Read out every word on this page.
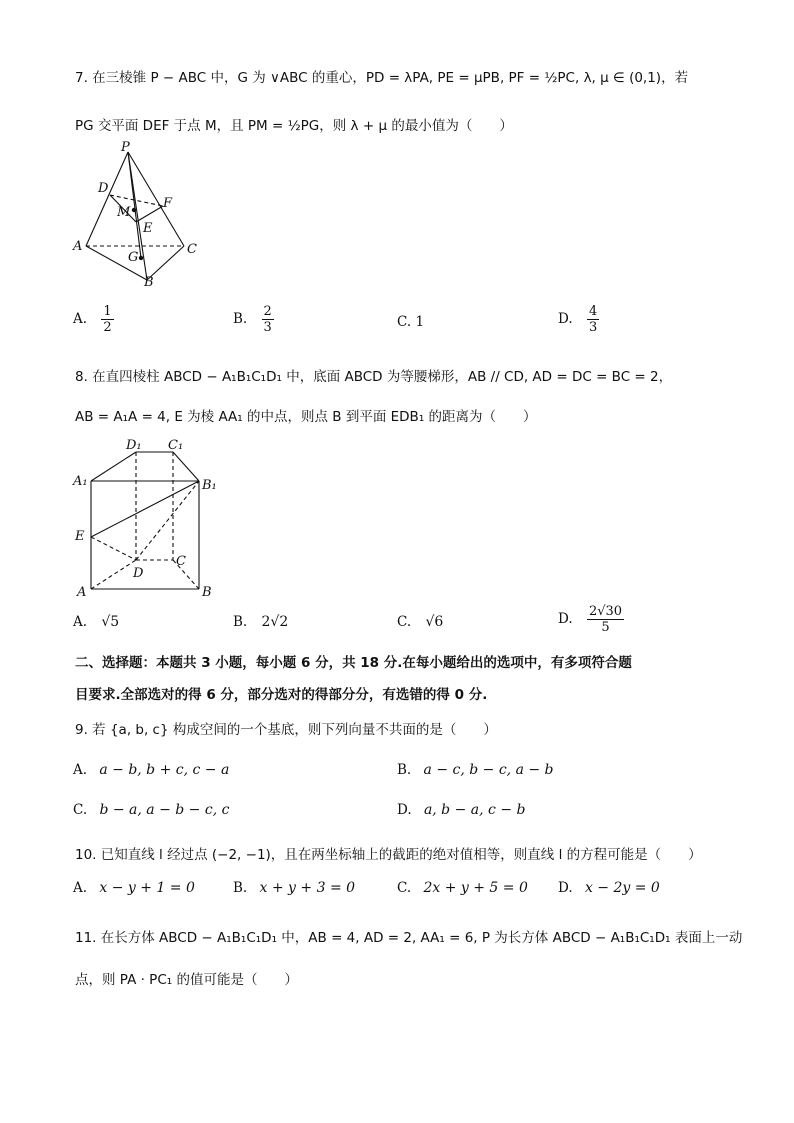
7. 在三棱锥 P − ABC 中，G 为 ∨ABC 的重心，PD = λPA, PE = μPB, PF = ½PC, λ, μ ∈ (0,1)，若
PG 交平面 DEF 于点 M，且 PM = ½PG，则 λ + μ 的最小值为（　　）
P
D
M
F
E
A	C
G
B
A. $\frac{1}{2}$	B. $\frac{2}{3}$	C. 1	D. $\frac{4}{3}$
8. 在直四棱柱 ABCD − A₁B₁C₁D₁ 中，底面 ABCD 为等腰梯形，AB // CD, AD = DC = BC = 2，
AB = A₁A = 4, E 为棱 AA₁ 的中点，则点 B 到平面 EDB₁ 的距离为（　　）
D₁ C₁
A₁	B₁
E
C
D
A	B
A. √5	B. 2√2	C. √6	D. $\frac{2√30}{5}$
二、选择题：本题共 3 小题，每小题 6 分，共 18 分.在每小题给出的选项中，有多项符合题
目要求.全部选对的得 6 分，部分选对的得部分分，有选错的得 0 分.
9. 若 {a, b, c} 构成空间的一个基底，则下列向量不共面的是（　　）
A. a − b, b + c, c − a	B. a − c, b − c, a − b
C. b − a, a − b − c, c	D. a, b − a, c − b
10. 已知直线 l 经过点 (−2, −1)，且在两坐标轴上的截距的绝对值相等，则直线 l 的方程可能是（　　）
A. x − y + 1 = 0	B. x + y + 3 = 0	C. 2x + y + 5 = 0 D. x − 2y = 0
11. 在长方体 ABCD − A₁B₁C₁D₁ 中，AB = 4, AD = 2, AA₁ = 6, P 为长方体 ABCD − A₁B₁C₁D₁ 表面上一动
点，则 PA · PC₁ 的值可能是（　　）
